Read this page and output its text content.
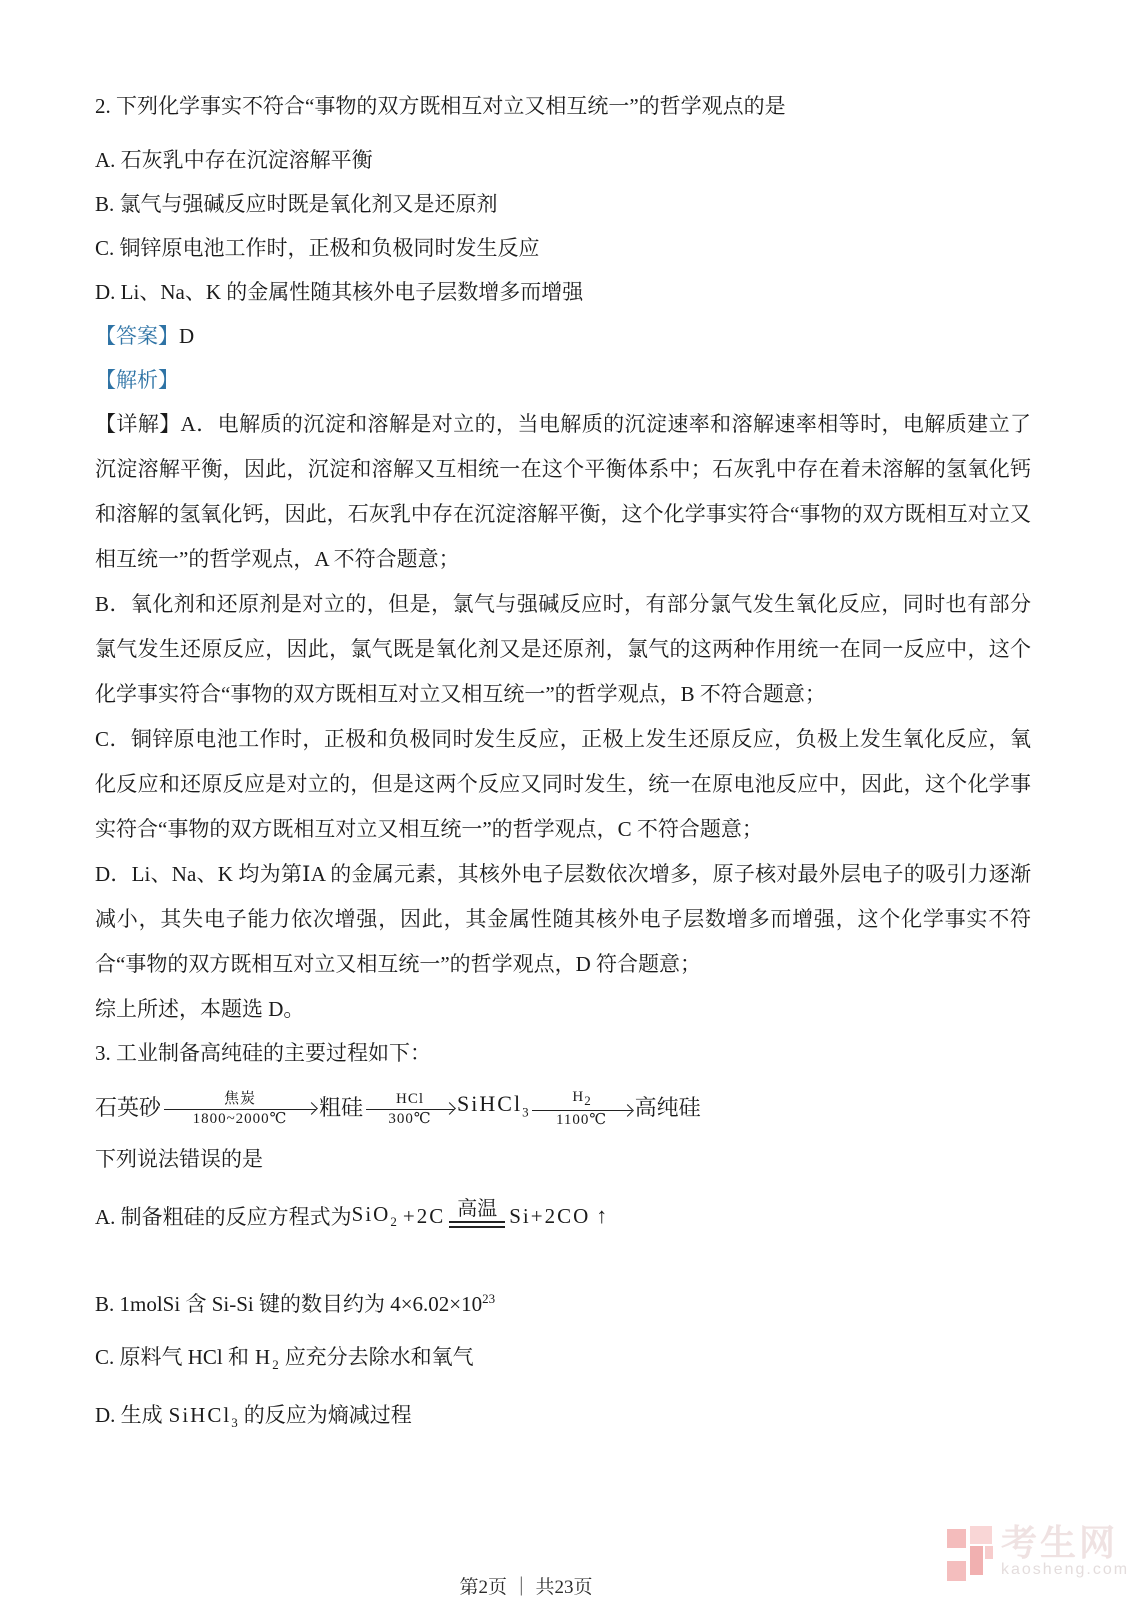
2. 下列化学事实不符合“事物的双方既相互对立又相互统一”的哲学观点的是

A. 石灰乳中存在沉淀溶解平衡

B. 氯气与强碱反应时既是氧化剂又是还原剂

C. 铜锌原电池工作时，正极和负极同时发生反应

D. Li、Na、K 的金属性随其核外电子层数增多而增强

【答案】D

【解析】

【详解】A．电解质的沉淀和溶解是对立的，当电解质的沉淀速率和溶解速率相等时，电解质建立了沉淀溶解平衡，因此，沉淀和溶解又互相统一在这个平衡体系中；石灰乳中存在着未溶解的氢氧化钙和溶解的氢氧化钙，因此，石灰乳中存在沉淀溶解平衡，这个化学事实符合“事物的双方既相互对立又相互统一”的哲学观点，A 不符合题意；

B．氧化剂和还原剂是对立的，但是，氯气与强碱反应时，有部分氯气发生氧化反应，同时也有部分氯气发生还原反应，因此，氯气既是氧化剂又是还原剂，氯气的这两种作用统一在同一反应中，这个化学事实符合“事物的双方既相互对立又相互统一”的哲学观点，B 不符合题意；

C．铜锌原电池工作时，正极和负极同时发生反应，正极上发生还原反应，负极上发生氧化反应，氧化反应和还原反应是对立的，但是这两个反应又同时发生，统一在原电池反应中，因此，这个化学事实符合“事物的双方既相互对立又相互统一”的哲学观点，C 不符合题意；

D．Li、Na、K 均为第ⅠA 的金属元素，其核外电子层数依次增多，原子核对最外层电子的吸引力逐渐减小，其失电子能力依次增强，因此，其金属性随其核外电子层数增多而增强，这个化学事实不符合“事物的双方既相互对立又相互统一”的哲学观点，D 符合题意；

综上所述，本题选 D。

3. 工业制备高纯硅的主要过程如下：

石英砂	焦炭
1800~2000℃ 粗硅	HCl
300℃
SiHCl$_3$
$H_2$
1100℃
高纯硅

下列说法错误的是

A. 制备粗硅的反应方程式为 SiO$_2$ +2C 高温 Si+2CO ↑

B. 1molSi 含 Si-Si 键的数目约为 $4\times 6.02\times 10^{23}$

C. 原料气 HCl 和 $H_2$ 应充分去除水和氧气

D. 生成 SiHCl$_3$ 的反应为熵减过程

第2页 ｜ 共23页
考生网
kaosheng.com
